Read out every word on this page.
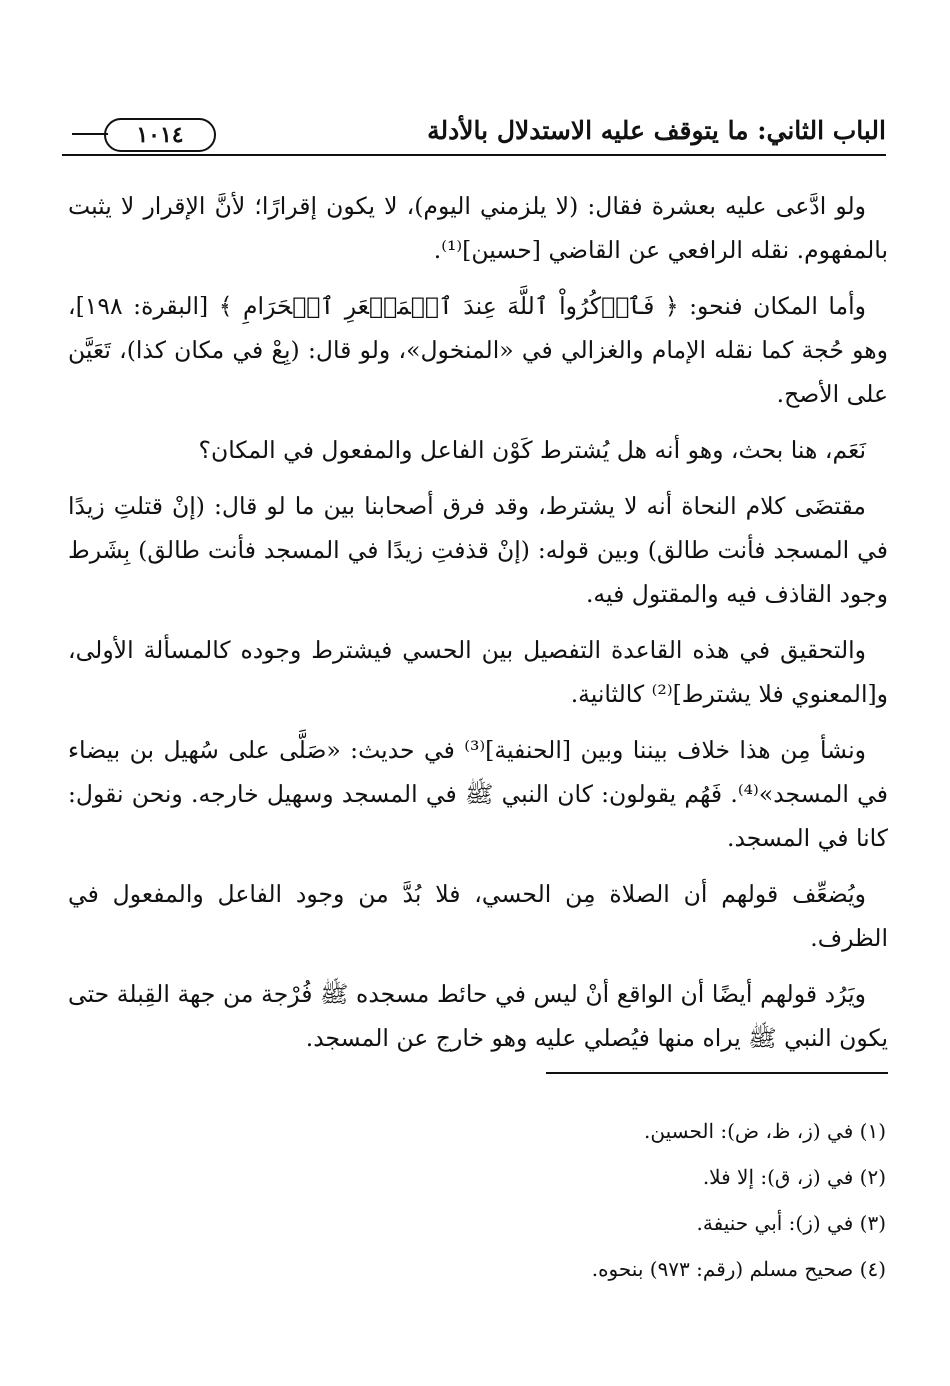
الباب الثاني: ما يتوقف عليه الاستدلال بالأدلة
١٠١٤

ولو ادَّعى عليه بعشرة فقال: (لا يلزمني اليوم)، لا يكون إقرارًا؛ لأنَّ الإقرار لا يثبت بالمفهوم. نقله الرافعي عن القاضي [حسين]⁽¹⁾.

وأما المكان فنحو: ﴿ فَٱذۡكُرُواْ ٱللَّهَ عِندَ ٱلۡمَشۡعَرِ ٱلۡحَرَامِ ﴾ [البقرة: ١٩٨]، وهو حُجة كما نقله الإمام والغزالي في «المنخول»، ولو قال: (بِعْ في مكان كذا)، تَعَيَّن على الأصح.

نَعَم، هنا بحث، وهو أنه هل يُشترط كَوْن الفاعل والمفعول في المكان؟

مقتضَى كلام النحاة أنه لا يشترط، وقد فرق أصحابنا بين ما لو قال: (إنْ قتلتِ زيدًا في المسجد فأنت طالق) وبين قوله: (إنْ قذفتِ زيدًا في المسجد فأنت طالق) بِشَرط وجود القاذف فيه والمقتول فيه.

والتحقيق في هذه القاعدة التفصيل بين الحسي فيشترط وجوده كالمسألة الأولى، و[المعنوي فلا يشترط]⁽²⁾ كالثانية.

ونشأ مِن هذا خلاف بيننا وبين [الحنفية]⁽³⁾ في حديث: «صَلَّى على سُهيل بن بيضاء في المسجد»⁽⁴⁾. فَهُم يقولون: كان النبي ﷺ في المسجد وسهيل خارجه. ونحن نقول: كانا في المسجد.

ويُضعِّف قولهم أن الصلاة مِن الحسي، فلا بُدَّ من وجود الفاعل والمفعول في الظرف.

ويَرُد قولهم أيضًا أن الواقع أنْ ليس في حائط مسجده ﷺ فُرْجة من جهة القِبلة حتى يكون النبي ﷺ يراه منها فيُصلي عليه وهو خارج عن المسجد.

(١) في (ز، ظ، ض): الحسين.

(٢) في (ز، ق): إلا فلا.

(٣) في (ز): أبي حنيفة.

(٤) صحيح مسلم (رقم: ٩٧٣) بنحوه.
